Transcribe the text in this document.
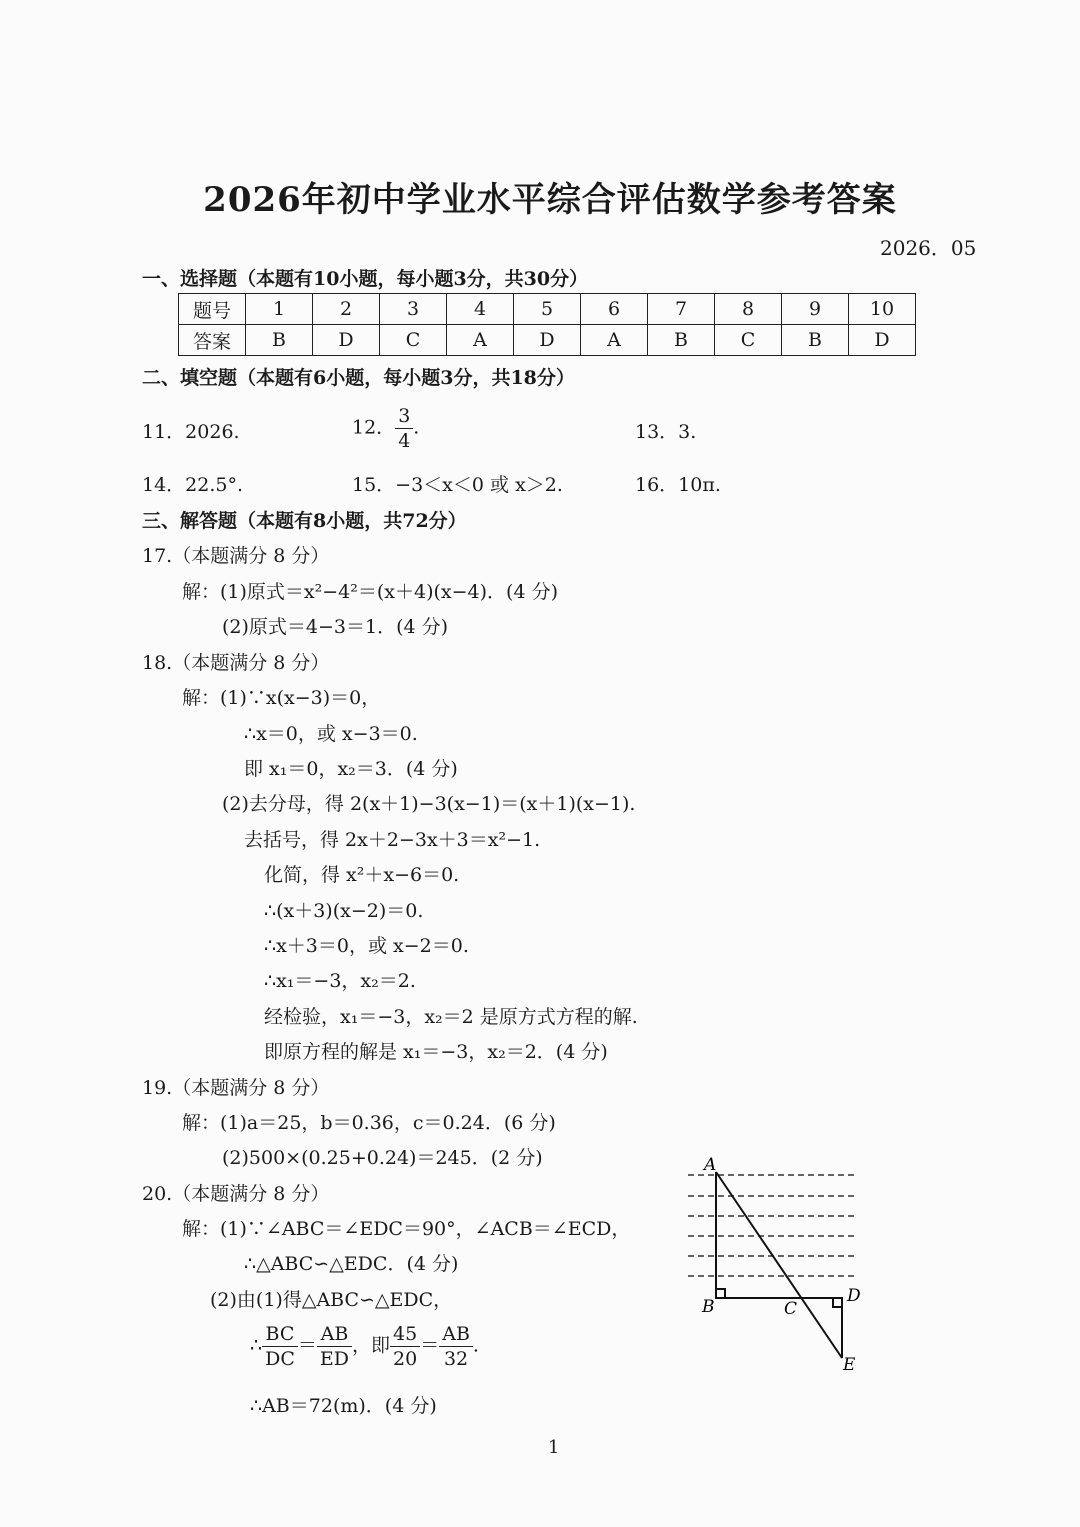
2026年初中学业水平综合评估数学参考答案
2026．05
一、选择题（本题有10小题，每小题3分，共30分）
题号	1	2	3	4	5	6	7	8	9	10
答案	B	D	C	A	D	A	B	C	B	D
二、填空题（本题有6小题，每小题3分，共18分）
11．2026.	12． $\frac{3}{4}$ .	13．3.
14．22.5°.	15．−3＜x＜0 或 x＞2.	16．10π.
三、解答题（本题有8小题，共72分）
17.（本题满分 8 分）
解：(1)原式＝x²−4²＝(x＋4)(x−4)．(4 分)
(2)原式＝4−3＝1．(4 分)
18.（本题满分 8 分）
解：(1)∵x(x−3)＝0，
∴x＝0，或 x−3＝0.
即 x₁＝0，x₂＝3．(4 分)
(2)去分母，得 2(x＋1)−3(x−1)＝(x＋1)(x−1).
去括号，得 2x＋2−3x＋3＝x²−1.
化简，得 x²＋x−6＝0.
∴(x＋3)(x−2)＝0.
∴x＋3＝0，或 x−2＝0.
∴x₁＝−3，x₂＝2.
经检验，x₁＝−3，x₂＝2 是原方式方程的解.
即原方程的解是 x₁＝−3，x₂＝2．(4 分)
19.（本题满分 8 分）
解：(1)a＝25，b＝0.36，c＝0.24．(6 分)
(2)500×(0.25+0.24)＝245．(2 分)
20.（本题满分 8 分）
解：(1)∵∠ABC＝∠EDC＝90°，∠ACB＝∠ECD，
∴△ABC∽△EDC．(4 分)
(2)由(1)得△ABC∽△EDC，
∴ $\frac{BC}{DC} = \frac{AB}{ED}$ ，即 $\frac{45}{20} = \frac{AB}{32}$ .
∴AB＝72(m)．(4 分)
A
B	C
D
E
1
